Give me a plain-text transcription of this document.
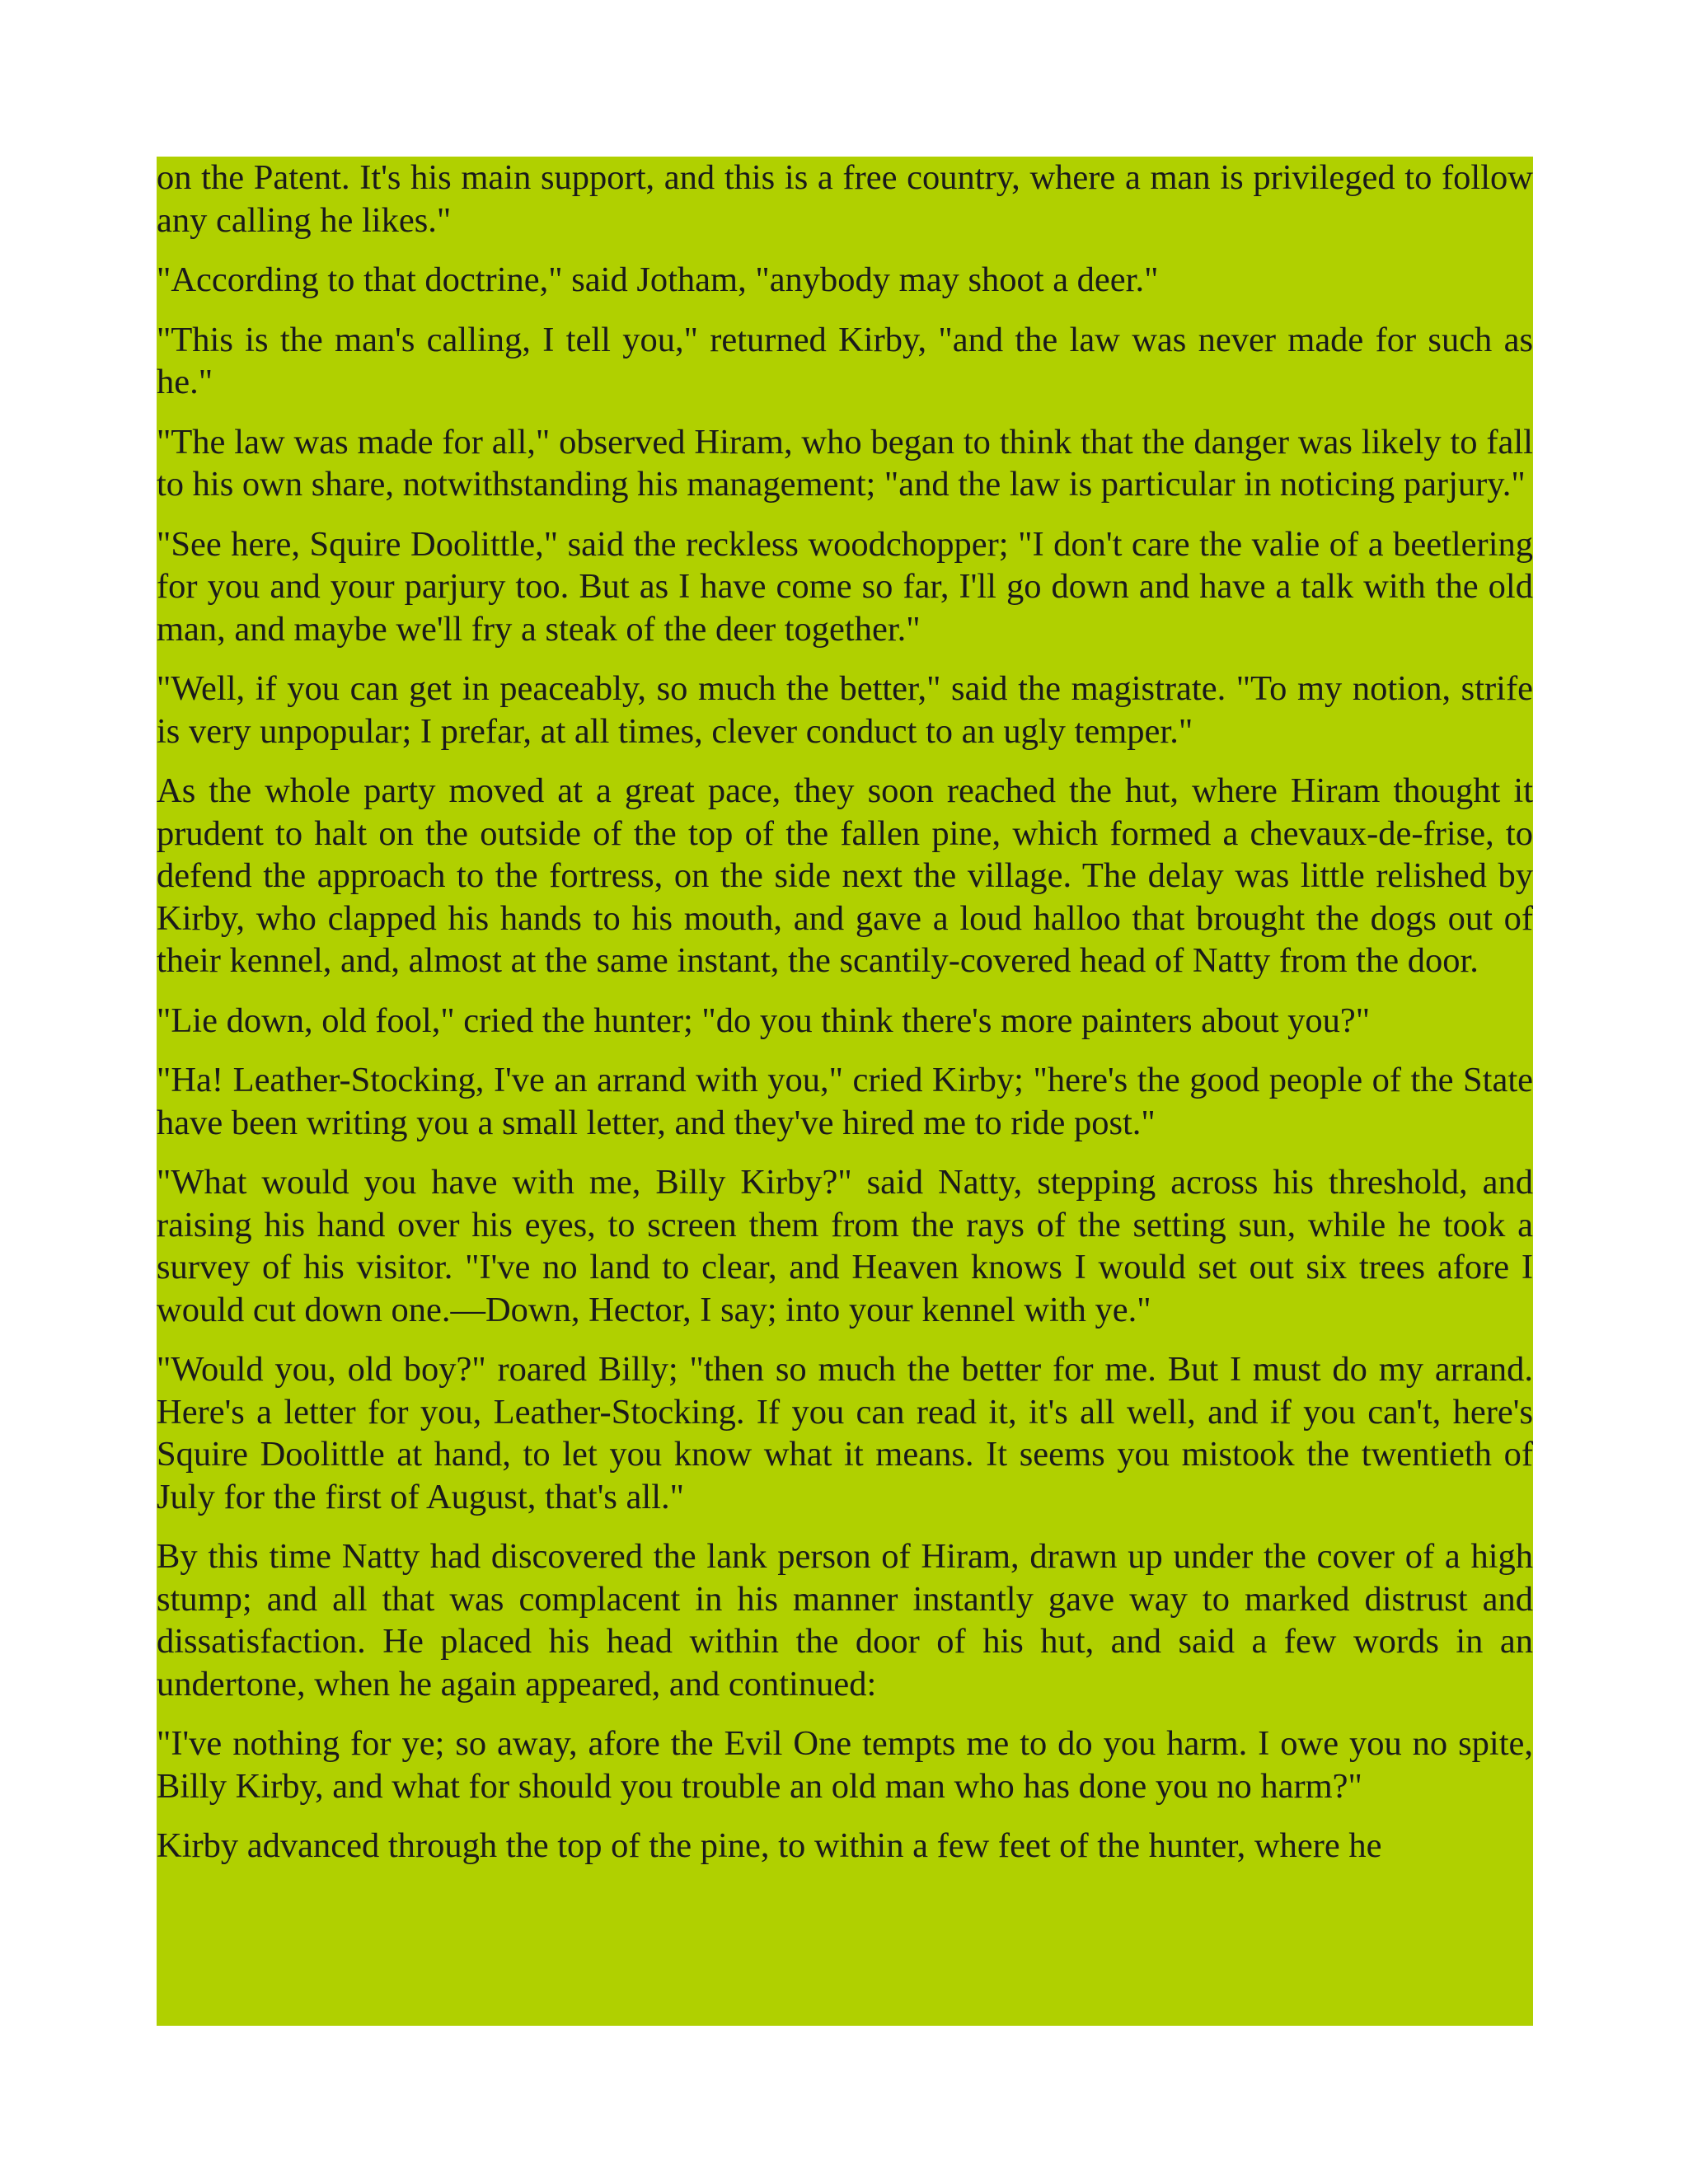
on the Patent. It's his main support, and this is a free country, where a man is privileged to follow any calling he likes."

"According to that doctrine," said Jotham, "anybody may shoot a deer."

"This is the man's calling, I tell you," returned Kirby, "and the law was never made for such as he."

"The law was made for all," observed Hiram, who began to think that the danger was likely to fall to his own share, notwithstanding his management; "and the law is particular in noticing parjury."

"See here, Squire Doolittle," said the reckless woodchopper; "I don't care the valie of a beetlering for you and your parjury too. But as I have come so far, I'll go down and have a talk with the old man, and maybe we'll fry a steak of the deer together."

"Well, if you can get in peaceably, so much the better," said the magistrate. "To my notion, strife is very unpopular; I prefar, at all times, clever conduct to an ugly temper."

As the whole party moved at a great pace, they soon reached the hut, where Hiram thought it prudent to halt on the outside of the top of the fallen pine, which formed a chevaux-de-frise, to defend the approach to the fortress, on the side next the village. The delay was little relished by Kirby, who clapped his hands to his mouth, and gave a loud halloo that brought the dogs out of their kennel, and, almost at the same instant, the scantily-covered head of Natty from the door.

"Lie down, old fool," cried the hunter; "do you think there's more painters about you?"

"Ha! Leather-Stocking, I've an arrand with you," cried Kirby; "here's the good people of the State have been writing you a small letter, and they've hired me to ride post."

"What would you have with me, Billy Kirby?" said Natty, stepping across his threshold, and raising his hand over his eyes, to screen them from the rays of the setting sun, while he took a survey of his visitor. "I've no land to clear, and Heaven knows I would set out six trees afore I would cut down one.—Down, Hector, I say; into your kennel with ye."

"Would you, old boy?" roared Billy; "then so much the better for me. But I must do my arrand. Here's a letter for you, Leather-Stocking. If you can read it, it's all well, and if you can't, here's Squire Doolittle at hand, to let you know what it means. It seems you mistook the twentieth of July for the first of August, that's all."

By this time Natty had discovered the lank person of Hiram, drawn up under the cover of a high stump; and all that was complacent in his manner instantly gave way to marked distrust and dissatisfaction. He placed his head within the door of his hut, and said a few words in an undertone, when he again appeared, and continued:

"I've nothing for ye; so away, afore the Evil One tempts me to do you harm. I owe you no spite, Billy Kirby, and what for should you trouble an old man who has done you no harm?"

Kirby advanced through the top of the pine, to within a few feet of the hunter, where he
